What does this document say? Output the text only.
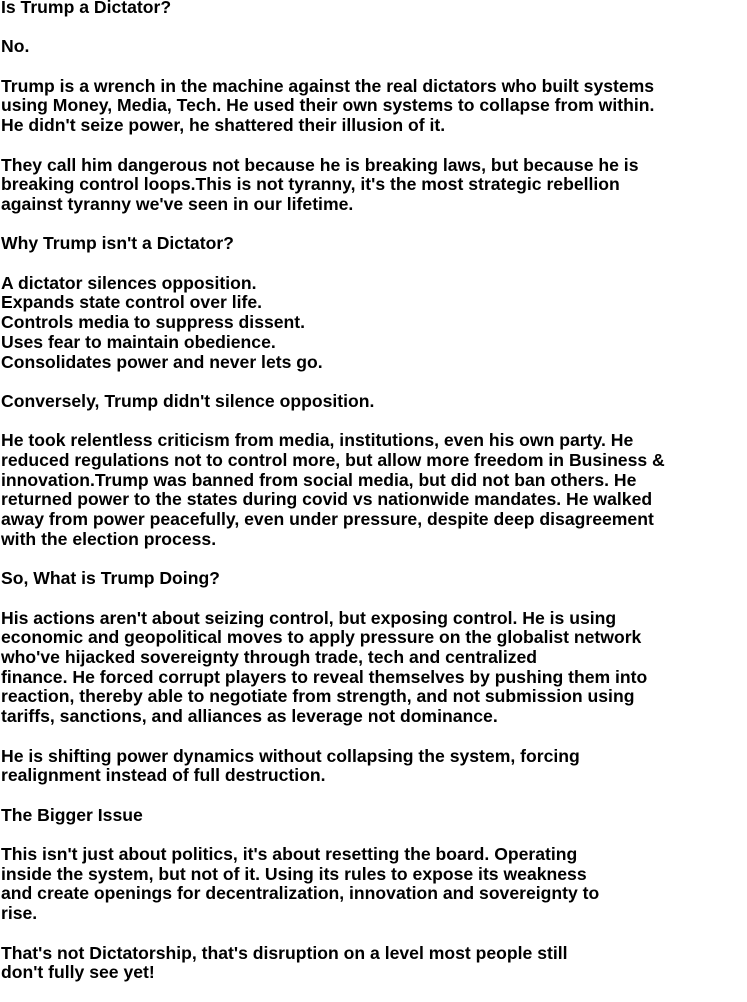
Is Trump a Dictator?
No.
Trump is a wrench in the machine against the real dictators who built systems
using Money, Media, Tech. He used their own systems to collapse from within.
He didn't seize power, he shattered their illusion of it.
They call him dangerous not because he is breaking laws, but because he is
breaking control loops.This is not tyranny, it's the most strategic rebellion
against tyranny we've seen in our lifetime.
Why Trump isn't a Dictator?
A dictator silences opposition.
Expands state control over life.
Controls media to suppress dissent.
Uses fear to maintain obedience.
Consolidates power and never lets go.
Conversely, Trump didn't silence opposition.
He took relentless criticism from media, institutions, even his own party. He
reduced regulations not to control more, but allow more freedom in Business &
innovation.Trump was banned from social media, but did not ban others. He
returned power to the states during covid vs nationwide mandates. He walked
away from power peacefully, even under pressure, despite deep disagreement
with the election process.
So, What is Trump Doing?
His actions aren't about seizing control, but exposing control. He is using
economic and geopolitical moves to apply pressure on the globalist network
who've hijacked sovereignty through trade, tech and centralized
finance. He forced corrupt players to reveal themselves by pushing them into
reaction, thereby able to negotiate from strength, and not submission using
tariffs, sanctions, and alliances as leverage not dominance.
He is shifting power dynamics without collapsing the system, forcing
realignment instead of full destruction.
The Bigger Issue
This isn't just about politics, it's about resetting the board. Operating
inside the system, but not of it. Using its rules to expose its weakness
and create openings for decentralization, innovation and sovereignty to
rise.
That's not Dictatorship, that's disruption on a level most people still
don't fully see yet!
